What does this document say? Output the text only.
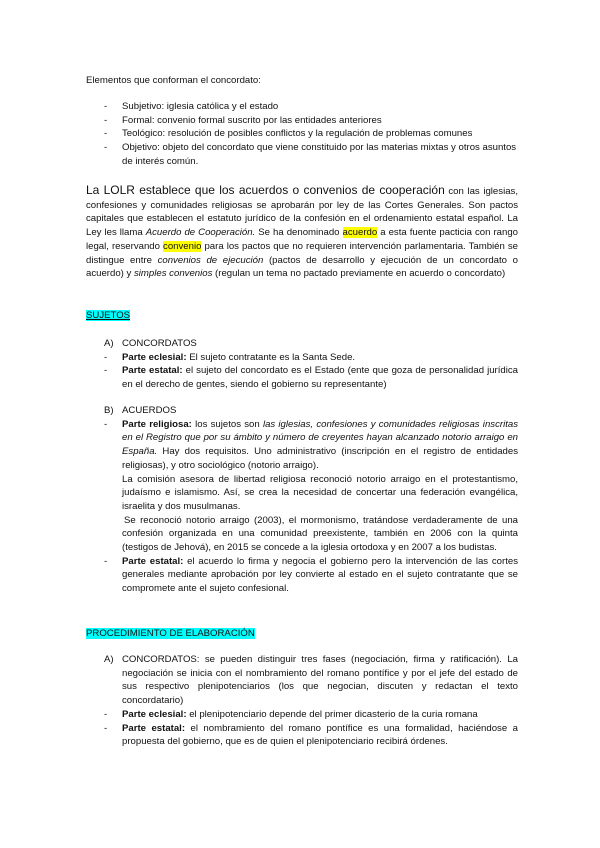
Elementos que conforman el concordato:
- Subjetivo: iglesia católica y el estado
- Formal: convenio formal suscrito por las entidades anteriores
- Teológico: resolución de posibles conflictos y la regulación de problemas comunes
- Objetivo: objeto del concordato que viene constituido por las materias mixtas y otros asuntos de interés común.
La LOLR establece que los acuerdos o convenios de cooperación con las iglesias, confesiones y comunidades religiosas se aprobarán por ley de las Cortes Generales. Son pactos capitales que establecen el estatuto jurídico de la confesión en el ordenamiento estatal español. La Ley les llama Acuerdo de Cooperación. Se ha denominado acuerdo a esta fuente pacticia con rango legal, reservando convenio para los pactos que no requieren intervención parlamentaria. También se distingue entre convenios de ejecución (pactos de desarrollo y ejecución de un concordato o acuerdo) y simples convenios (regulan un tema no pactado previamente en acuerdo o concordato)
SUJETOS
A) CONCORDATOS
- Parte eclesial: El sujeto contratante es la Santa Sede.
- Parte estatal: el sujeto del concordato es el Estado (ente que goza de personalidad jurídica en el derecho de gentes, siendo el gobierno su representante)
B) ACUERDOS
- Parte religiosa: los sujetos son las iglesias, confesiones y comunidades religiosas inscritas en el Registro que por su ámbito y número de creyentes hayan alcanzado notorio arraigo en España. Hay dos requisitos. Uno administrativo (inscripción en el registro de entidades religiosas), y otro sociológico (notorio arraigo).
La comisión asesora de libertad religiosa reconoció notorio arraigo en el protestantismo, judaísmo e islamismo. Así, se crea la necesidad de concertar una federación evangélica, israelita y dos musulmanas.
Se reconoció notorio arraigo (2003), el mormonismo, tratándose verdaderamente de una confesión organizada en una comunidad preexistente, también en 2006 con la quinta (testigos de Jehová), en 2015 se concede a la iglesia ortodoxa y en 2007 a los budistas.
- Parte estatal: el acuerdo lo firma y negocia el gobierno pero la intervención de las cortes generales mediante aprobación por ley convierte al estado en el sujeto contratante que se compromete ante el sujeto confesional.
PROCEDIMIENTO DE ELABORACIÓN
A) CONCORDATOS: se pueden distinguir tres fases (negociación, firma y ratificación). La negociación se inicia con el nombramiento del romano pontífice y por el jefe del estado de sus respectivo plenipotenciarios (los que negocian, discuten y redactan el texto concordatario)
- Parte eclesial: el plenipotenciario depende del primer dicasterio de la curia romana
- Parte estatal: el nombramiento del romano pontífice es una formalidad, haciéndose a propuesta del gobierno, que es de quien el plenipotenciario recibirá órdenes.
